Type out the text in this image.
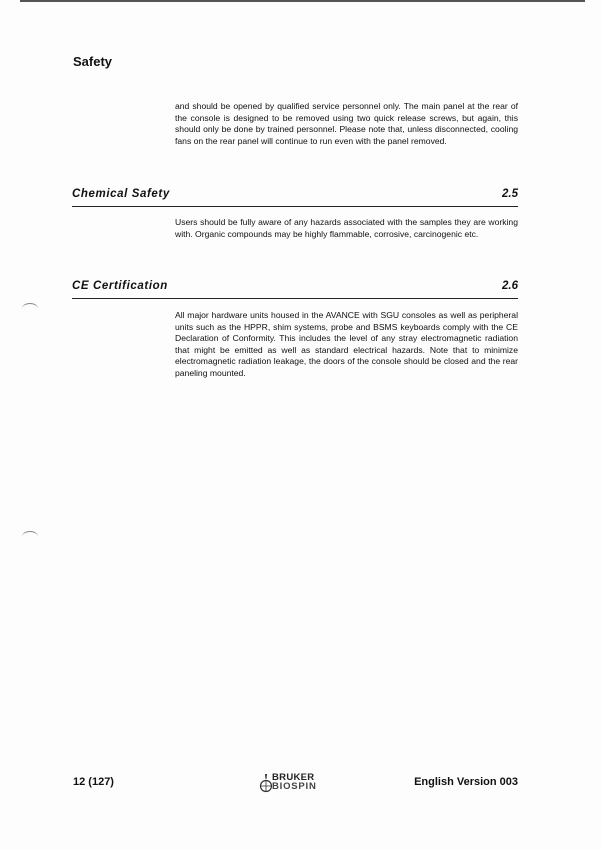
Safety

and should be opened by qualified service personnel only. The main panel at the rear of the console is designed to be removed using two quick release screws, but again, this should only be done by trained personnel. Please note that, unless disconnected, cooling fans on the rear panel will continue to run even with the panel removed.

Chemical Safety	2.5

Users should be fully aware of any hazards associated with the samples they are working with. Organic compounds may be highly flammable, corrosive, carcinogenic etc.

CE Certification	2.6

All major hardware units housed in the AVANCE with SGU consoles as well as peripheral units such as the HPPR, shim systems, probe and BSMS keyboards comply with the CE Declaration of Conformity. This includes the level of any stray electromagnetic radiation that might be emitted as well as standard electrical hazards. Note that to minimize electromagnetic radiation leakage, the doors of the console should be closed and the rear paneling mounted.

12 (127)	BRUKER
BIOSPIN	English Version 003
